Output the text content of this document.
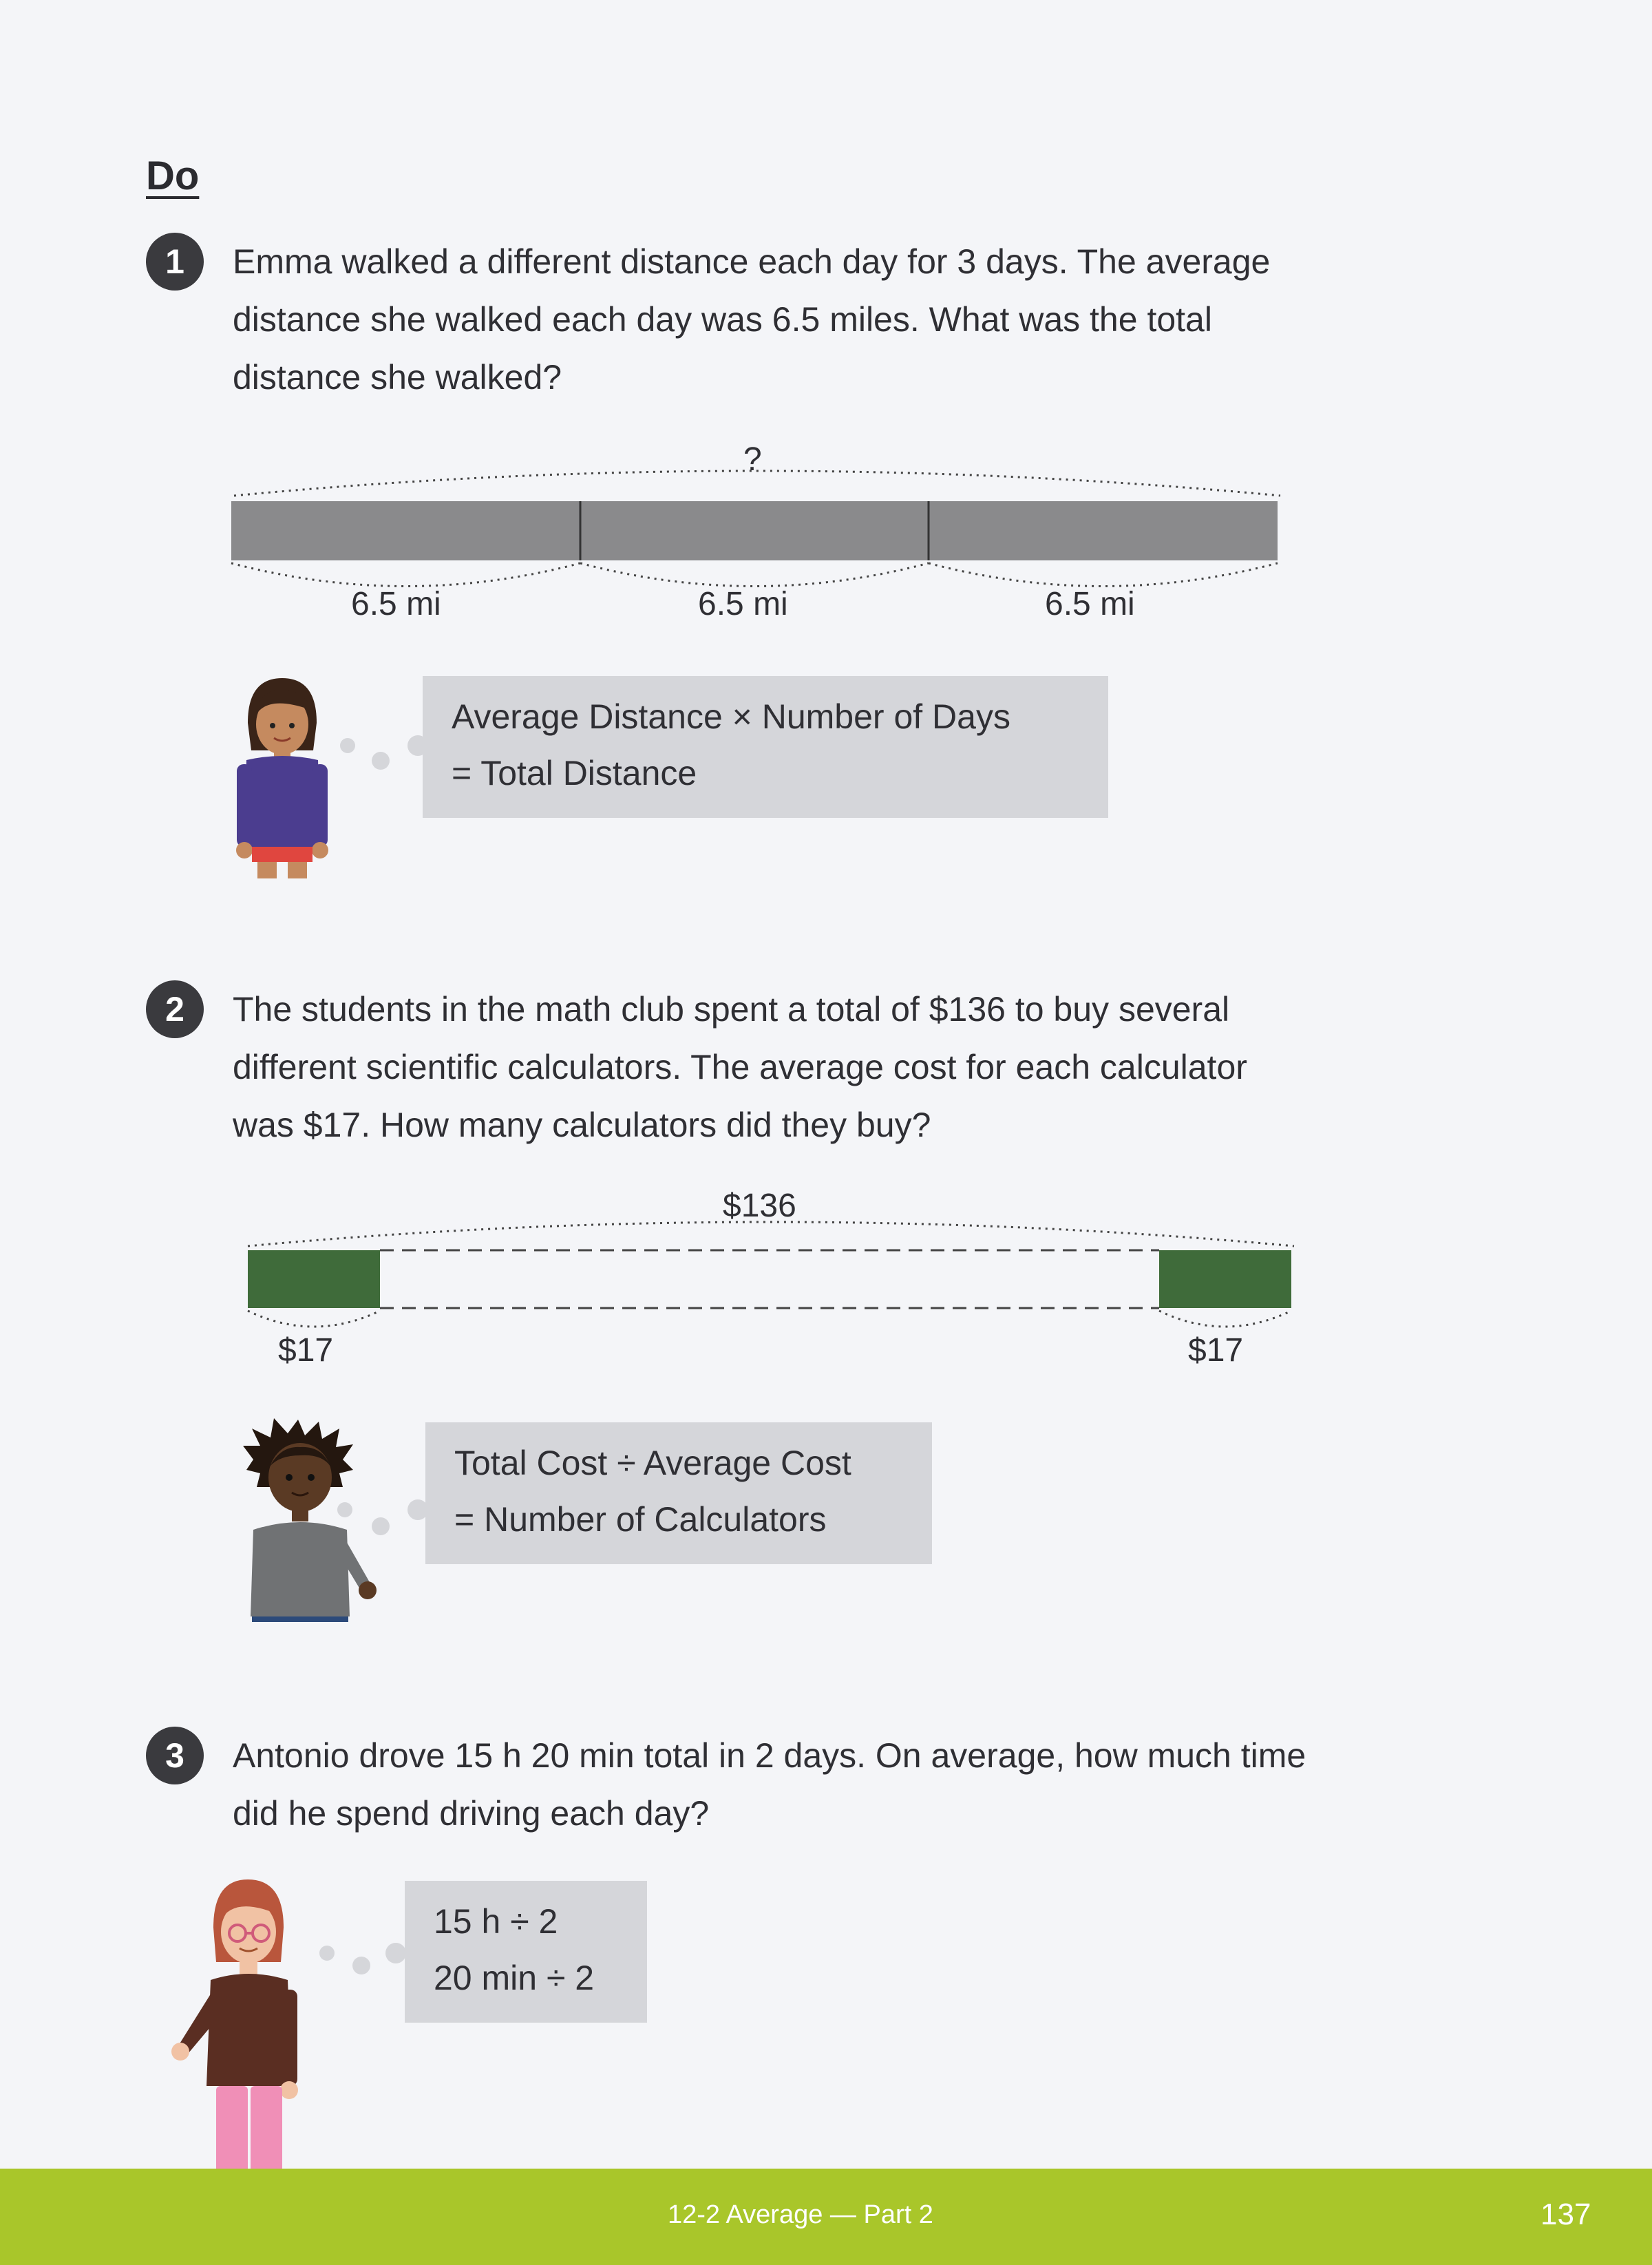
Do
1	Emma walked a different distance each day for 3 days. The average
distance she walked each day was 6.5 miles. What was the total
distance she walked?
?
6.5 mi	6.5 mi	6.5 mi
Average Distance × Number of Days
= Total Distance
2	The students in the math club spent a total of $136 to buy several
different scientific calculators. The average cost for each calculator
was $17. How many calculators did they buy?
$136
$17	$17
Total Cost ÷ Average Cost
= Number of Calculators
3	Antonio drove 15 h 20 min total in 2 days. On average, how much time
did he spend driving each day?
15 h ÷ 2
20 min ÷ 2
12-2 Average — Part 2	137
